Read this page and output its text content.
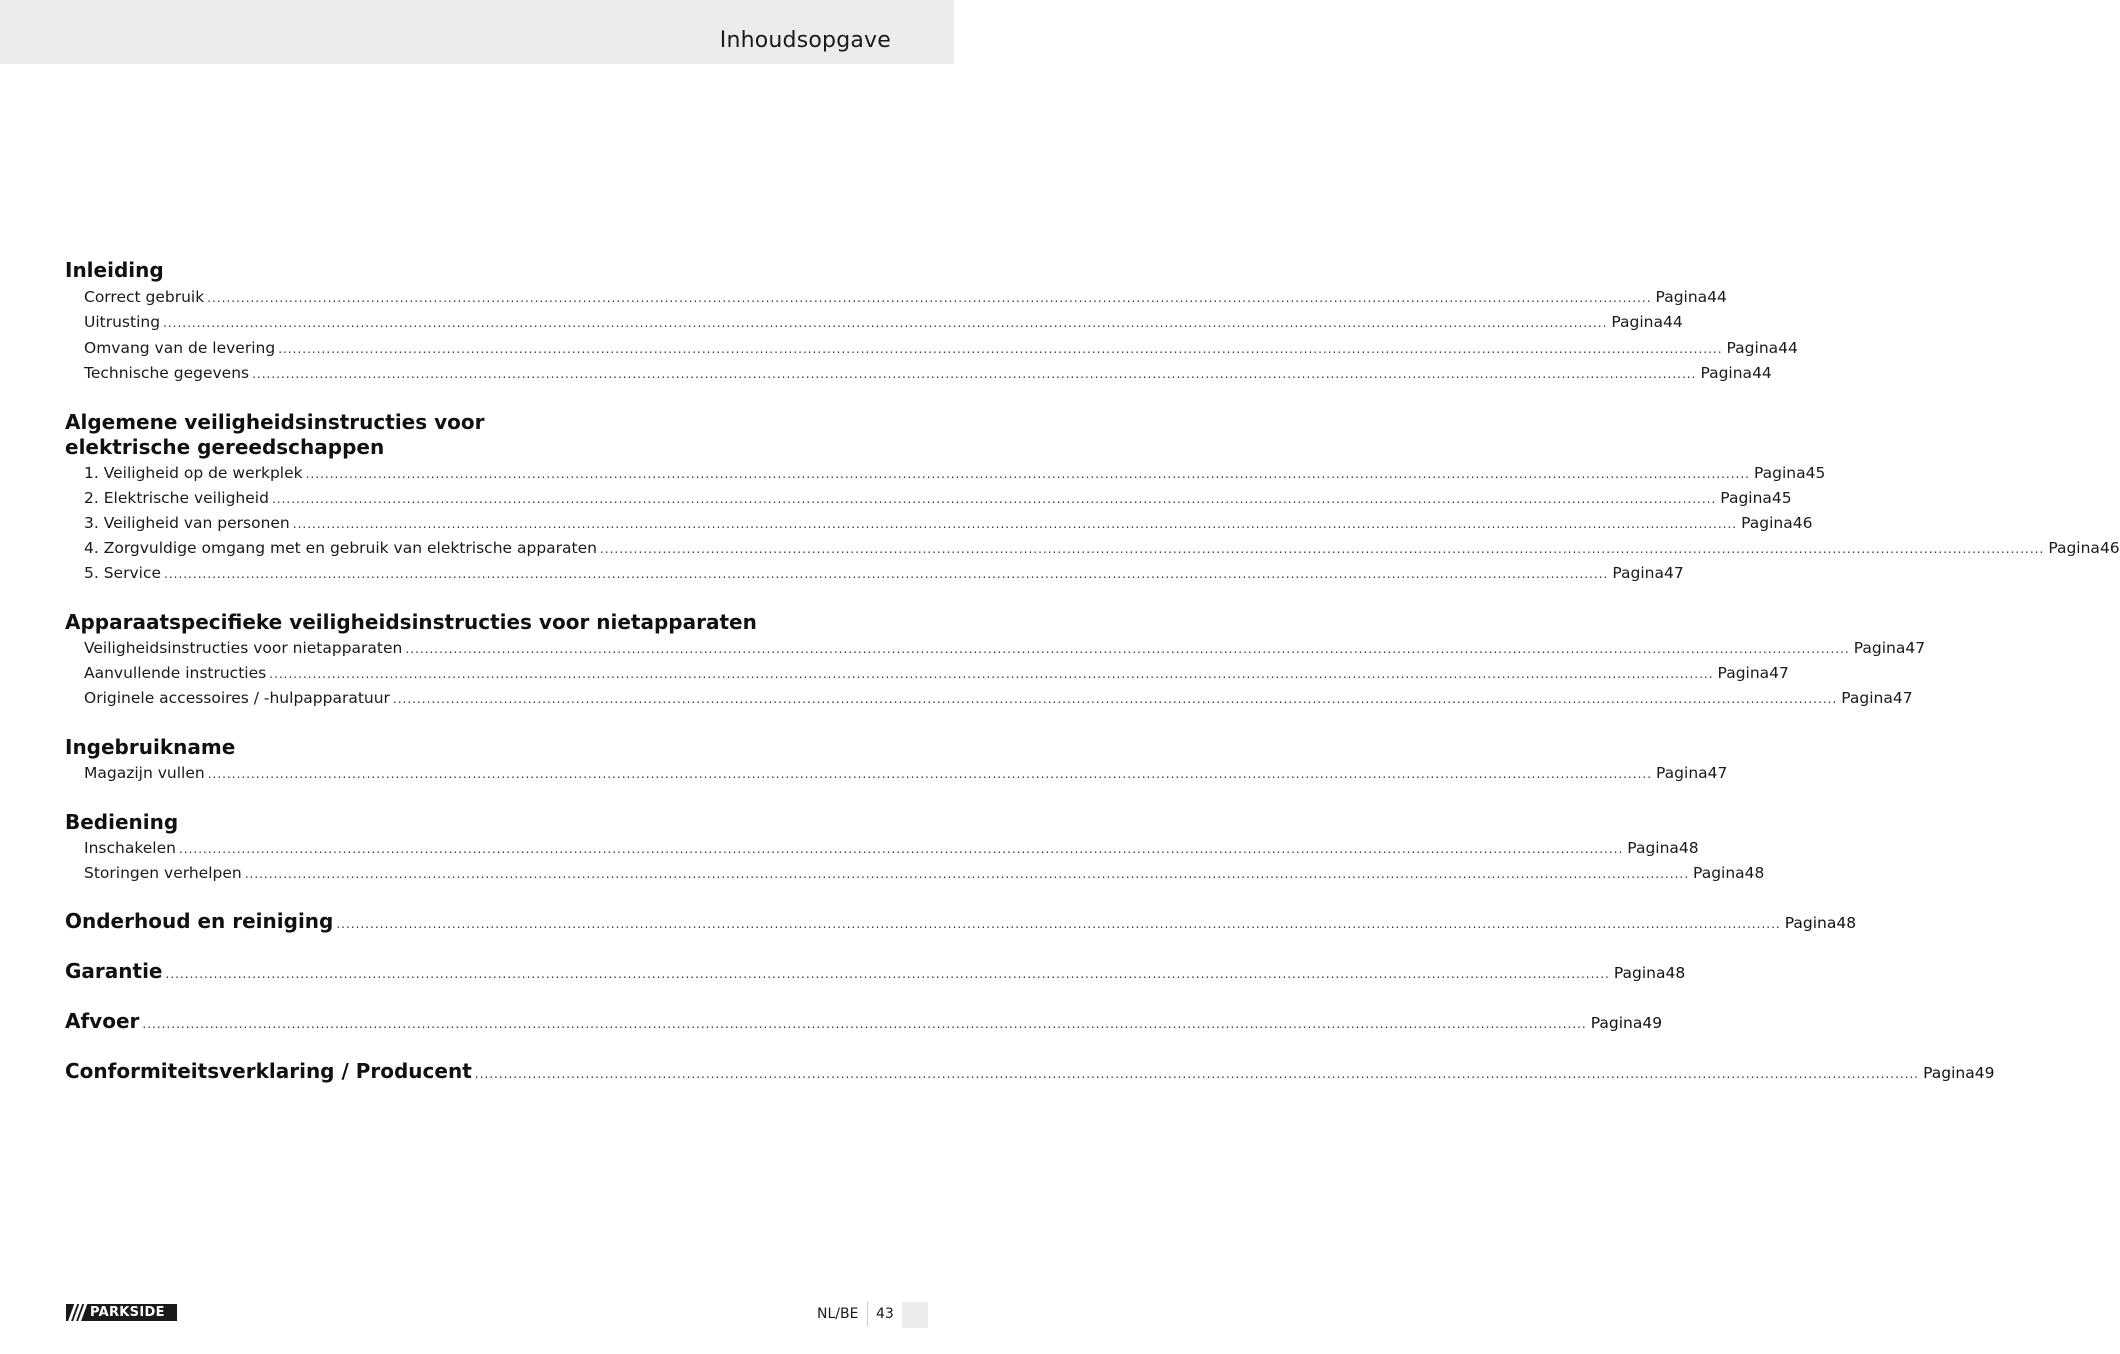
Inhoudsopgave
Inleiding
Correct gebruik ............................................................................................................................................................................................................................................................................................................ Pagina 44
Uitrusting ............................................................................................................................................................................................................................................................................................................ Pagina 44
Omvang van de levering ............................................................................................................................................................................................................................................................................................................ Pagina 44
Technische gegevens ............................................................................................................................................................................................................................................................................................................ Pagina 44
Algemene veiligheidsinstructies voor
elektrische gereedschappen
1. Veiligheid op de werkplek ............................................................................................................................................................................................................................................................................................................ Pagina 45
2. Elektrische veiligheid ............................................................................................................................................................................................................................................................................................................ Pagina 45
3. Veiligheid van personen ............................................................................................................................................................................................................................................................................................................ Pagina 46
4. Zorgvuldige omgang met en gebruik van elektrische apparaten ............................................................................................................................................................................................................................................................................................................ Pagina 46
5. Service ............................................................................................................................................................................................................................................................................................................ Pagina 47
Apparaatspecifieke veiligheidsinstructies voor nietapparaten
Veiligheidsinstructies voor nietapparaten ............................................................................................................................................................................................................................................................................................................ Pagina 47
Aanvullende instructies ............................................................................................................................................................................................................................................................................................................ Pagina 47
Originele accessoires / -hulpapparatuur ............................................................................................................................................................................................................................................................................................................ Pagina 47
Ingebruikname
Magazijn vullen ............................................................................................................................................................................................................................................................................................................ Pagina 47
Bediening
Inschakelen ............................................................................................................................................................................................................................................................................................................ Pagina 48
Storingen verhelpen ............................................................................................................................................................................................................................................................................................................ Pagina 48
Onderhoud en reiniging ............................................................................................................................................................................................................................................................................................................ Pagina 48
Garantie ............................................................................................................................................................................................................................................................................................................ Pagina 48
Afvoer ............................................................................................................................................................................................................................................................................................................ Pagina 49
Conformiteitsverklaring / Producent ............................................................................................................................................................................................................................................................................................................ Pagina 49
PARKSIDE	NL/BE 43
